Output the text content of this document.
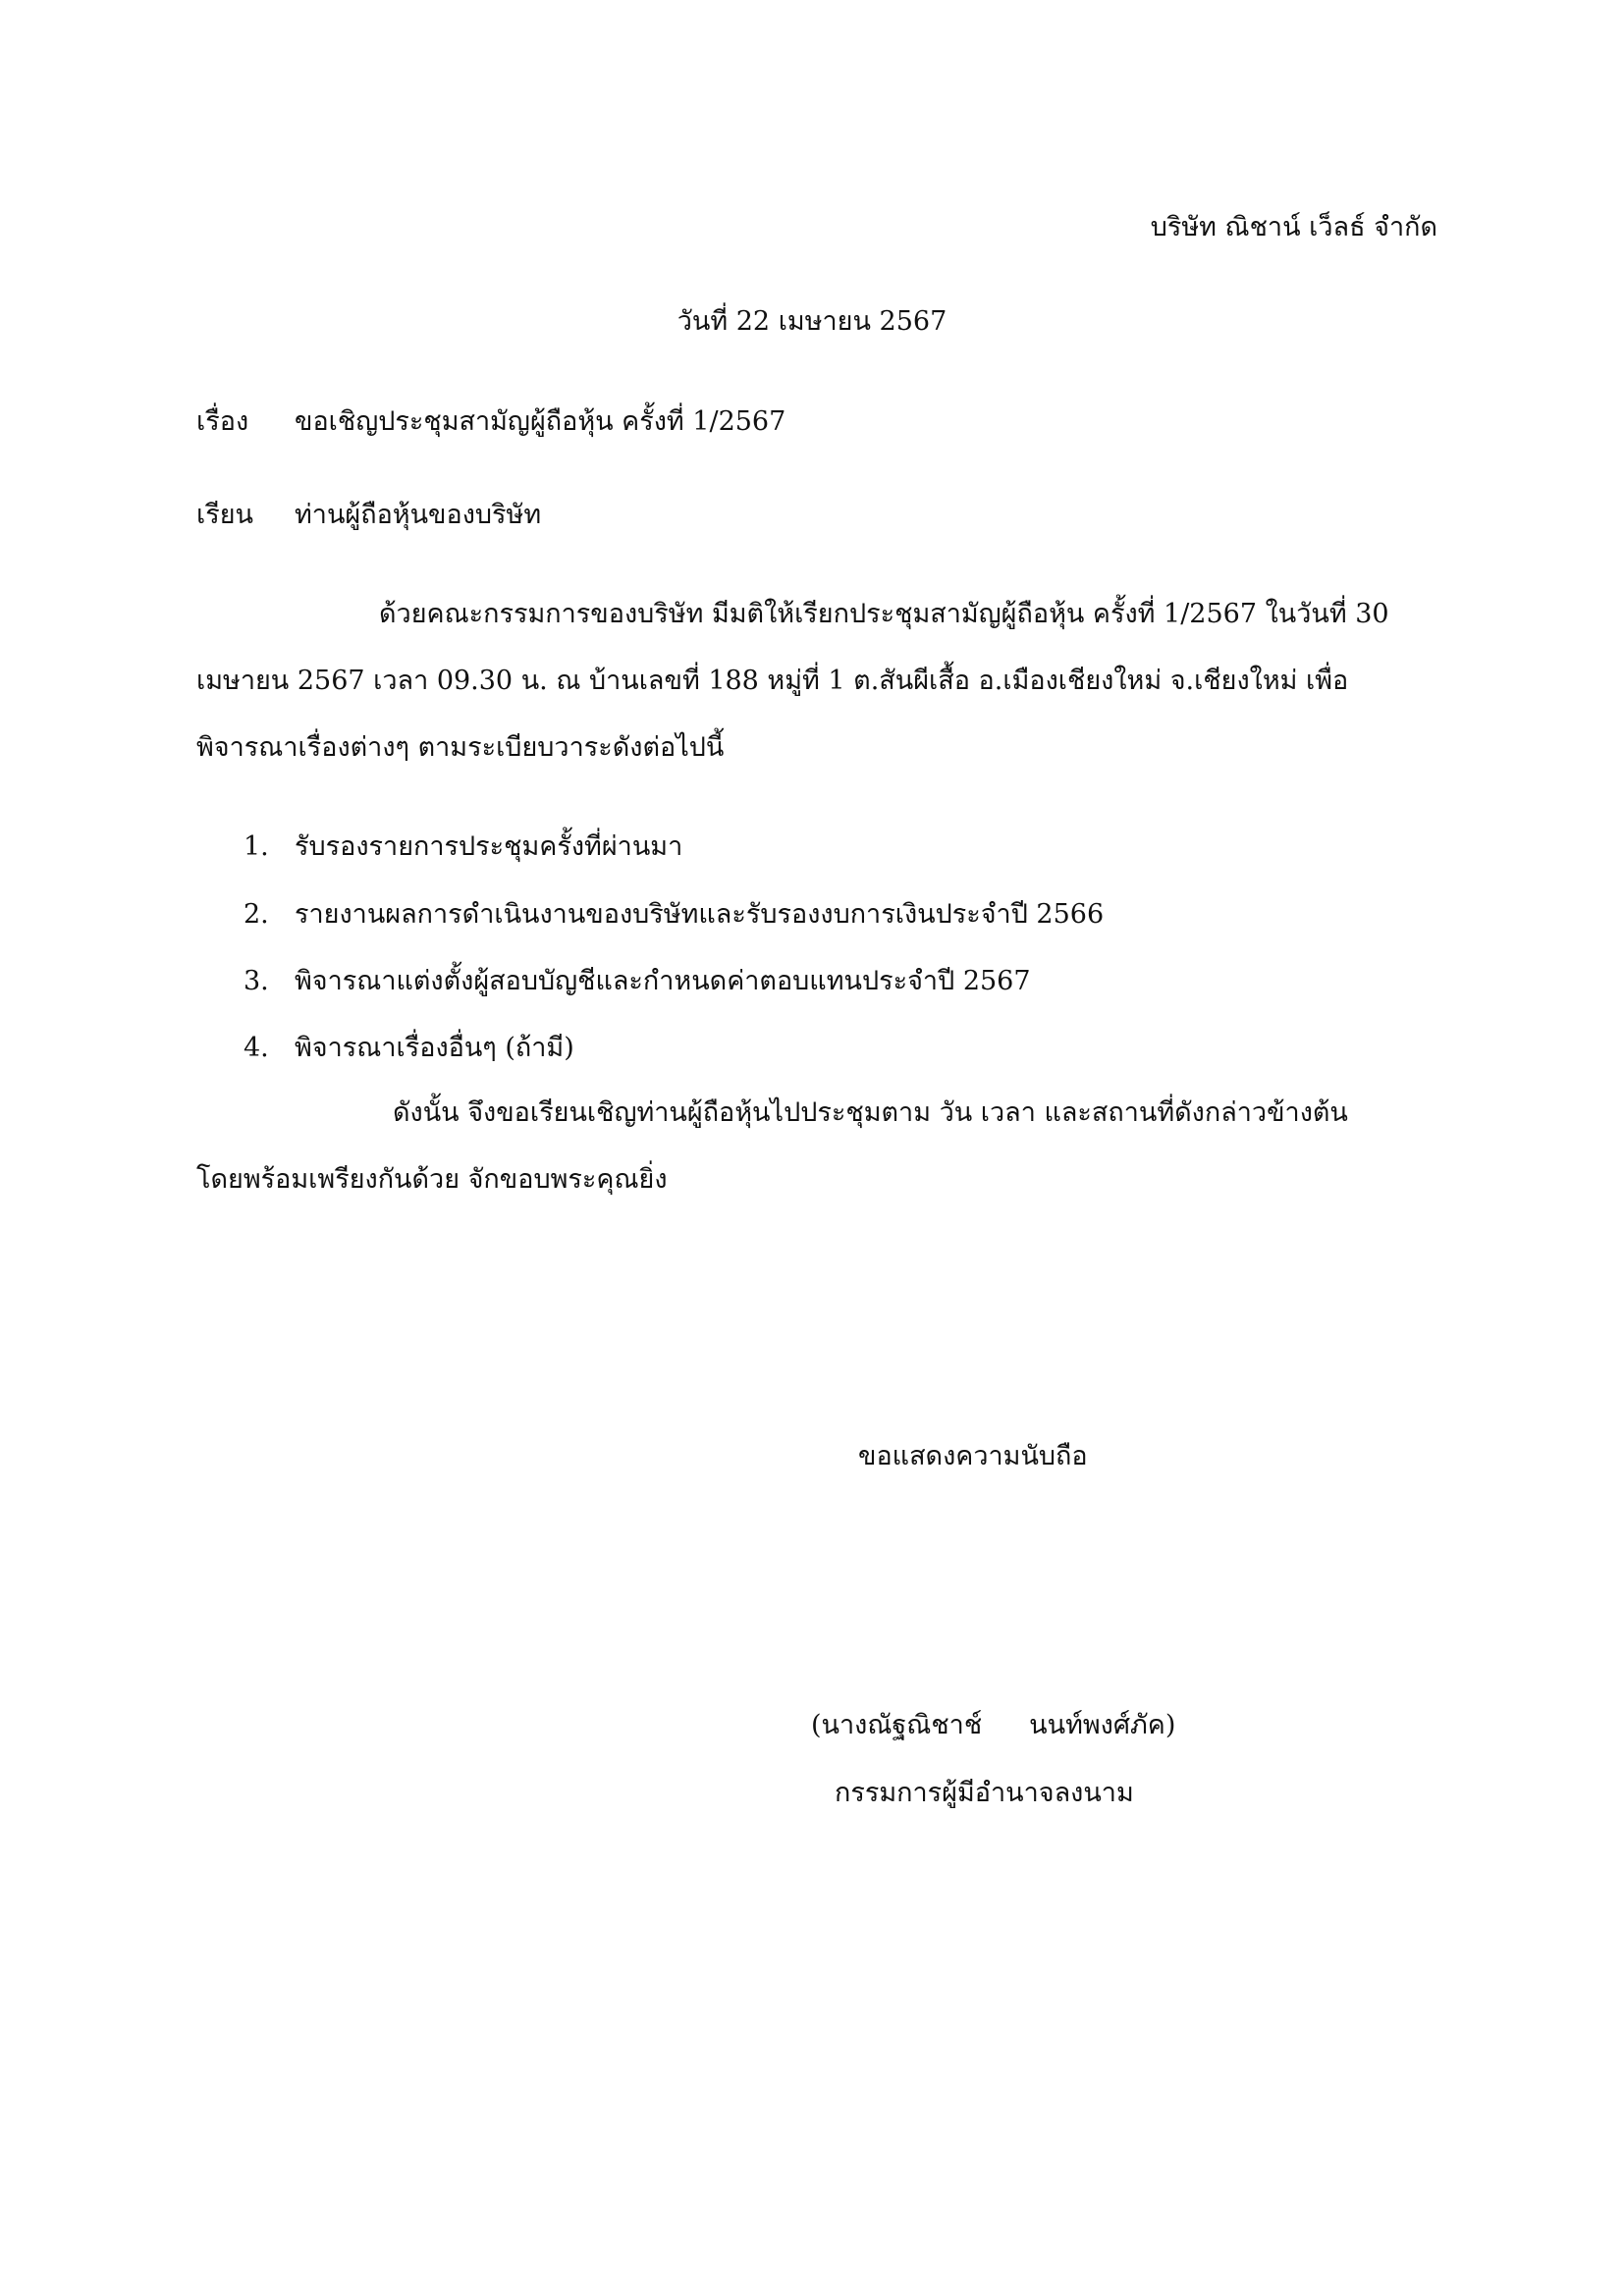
บริษัท ณิชาน์ เว็ลธ์ จำกัด
วันที่ 22 เมษายน 2567
เรื่อง ขอเชิญประชุมสามัญผู้ถือหุ้น ครั้งที่ 1/2567
เรียน ท่านผู้ถือหุ้นของบริษัท
ด้วยคณะกรรมการของบริษัท มีมติให้เรียกประชุมสามัญผู้ถือหุ้น ครั้งที่ 1/2567 ในวันที่ 30
เมษายน 2567 เวลา 09.30 น. ณ บ้านเลขที่ 188 หมู่ที่ 1 ต.สันผีเสื้อ อ.เมืองเชียงใหม่ จ.เชียงใหม่ เพื่อ
พิจารณาเรื่องต่างๆ ตามระเบียบวาระดังต่อไปนี้
1. รับรองรายการประชุมครั้งที่ผ่านมา
2. รายงานผลการดำเนินงานของบริษัทและรับรองงบการเงินประจำปี 2566
3. พิจารณาแต่งตั้งผู้สอบบัญชีและกำหนดค่าตอบแทนประจำปี 2567
4. พิจารณาเรื่องอื่นๆ (ถ้ามี)
ดังนั้น จึงขอเรียนเชิญท่านผู้ถือหุ้นไปประชุมตาม วัน เวลา และสถานที่ดังกล่าวข้างต้น
โดยพร้อมเพรียงกันด้วย จักขอบพระคุณยิ่ง
ขอแสดงความนับถือ
(นางณัฐณิชาช์ นนท์พงศ์ภัค)
กรรมการผู้มีอำนาจลงนาม
